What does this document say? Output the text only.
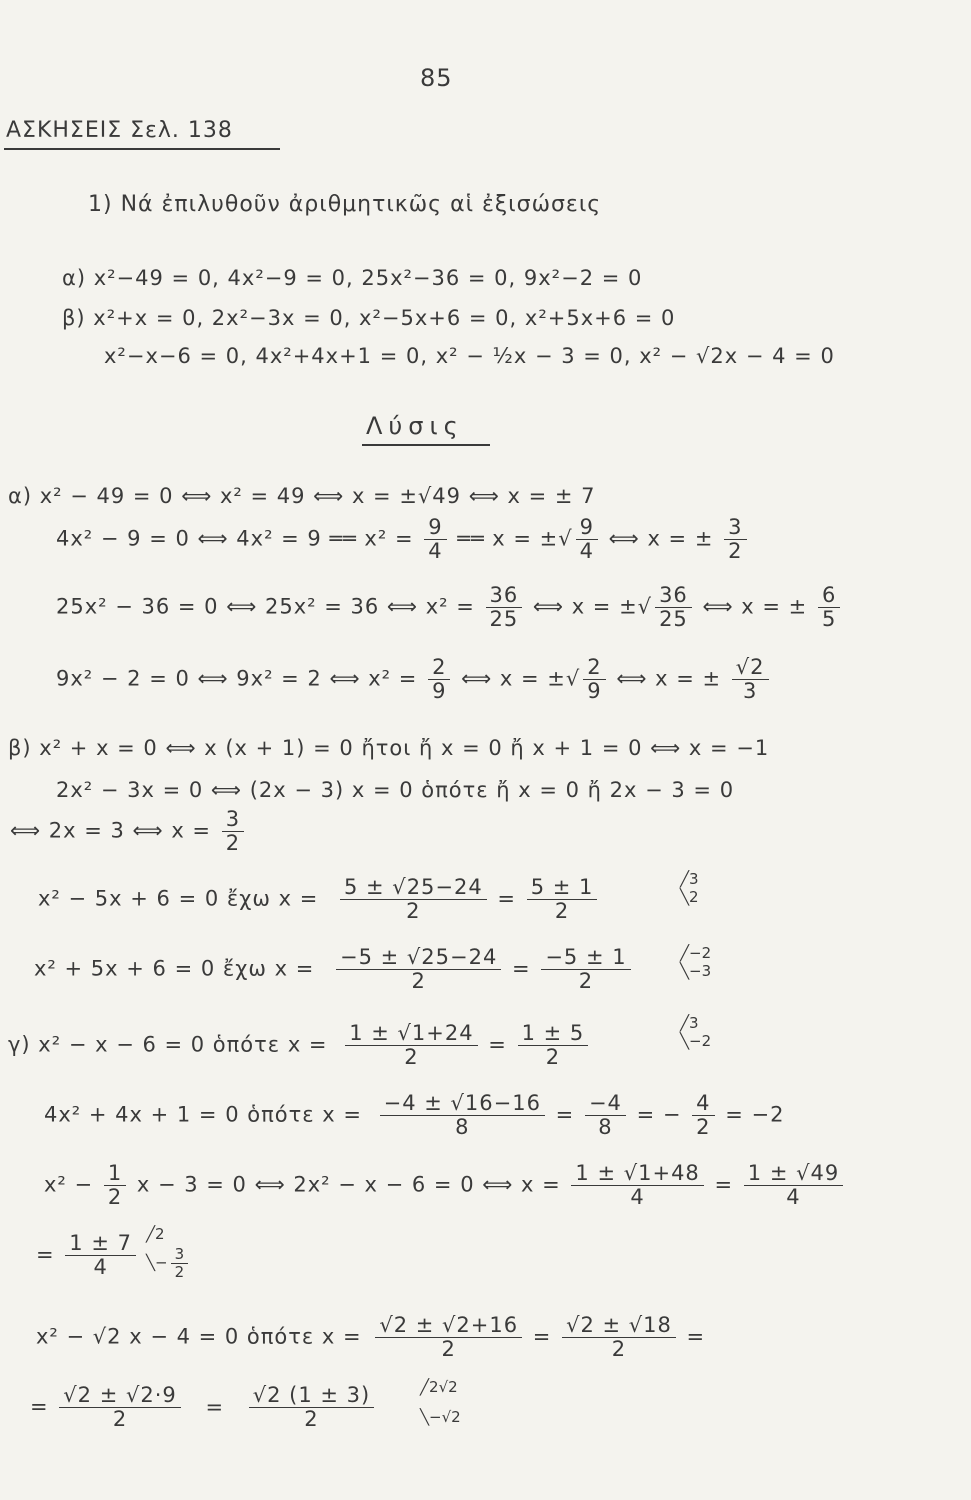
85
ΑΣΚΗΣΕΙΣ Σελ. 138
1) Νά ἐπιλυθοῦν ἀριθμητικῶς αἱ ἐξισώσεις
α) x²−49 = 0, 4x²−9 = 0, 25x²−36 = 0, 9x²−2 = 0
β) x²+x = 0, 2x²−3x = 0, x²−5x+6 = 0, x²+5x+6 = 0
x²−x−6 = 0, 4x²+4x+1 = 0, x² − ½x − 3 = 0, x² − √2x − 4 = 0
Λύσις
α) x² − 49 = 0 ⟺ x² = 49 ⟺ x = ±√49 ⟺ x = ± 7
4x² − 9 = 0 ⟺ 4x² = 9 ══ $x^2 = \frac{9}{4}$ ══ x = ±√ $\frac{9}{4}$ ⟺ x = ± $\frac{3}{2}$
25x² − 36 = 0 ⟺ 25x² = 36 ⟺ $x^2 = \frac{36}{25}$ ⟺ x = ±√ $\frac{36}{25}$ ⟺ x = ± $\frac{6}{5}$
9x² − 2 = 0 ⟺ 9x² = 2 ⟺ $x^2 = \frac{2}{9}$ ⟺ x = ±√ $\frac{2}{9}$ ⟺ x = ± $\frac{√2}{3}$
β) x² + x = 0 ⟺ x (x + 1) = 0 ἤτοι ἤ x = 0 ἤ x + 1 = 0 ⟺ x = −1
2x² − 3x = 0 ⟺ (2x − 3) x = 0 ὁπότε ἤ x = 0 ἤ 2x − 3 = 0
⟺ 2x = 3 ⟺ $x = \frac{3}{2}$
x² − 5x + 6 = 0 ἔχω $x = \frac{5 \pm √25-24}{2} = \frac{5 \pm 1}{2}$	╱3
╲2
x² + 5x + 6 = 0 ἔχω $x = \frac{-5 \pm √25-24}{2} = \frac{-5 \pm 1}{2}$	╱−2
╲−3
γ) x² − x − 6 = 0 ὁπότε $x = \frac{1 \pm √1+24}{2} = \frac{1 \pm 5}{2}$	╱3
╲−2
4x² + 4x + 1 = 0 ὁπότε $x = \frac{-4 \pm √16-16}{8} = \frac{-4}{8}$ = − $\frac{4}{2} = -2$
$x^2 - \frac{1}{2}$ x − 3 = 0 ⟺ 2x² − x − 6 = 0 ⟺ $x = \frac{1 \pm √1+48}{4} = \frac{1 \pm √49}{4}$
= $\frac{1 \pm 7}{4}$ ╱2
╲− $\frac{3}{2}$
x² − √2 x − 4 = 0 ὁπότε $x = \frac{√2 \pm √2+16}{2} = \frac{√2 \pm √18}{2}$ =
= $\frac{√2 \pm √2\cdot 9}{2} = \frac{√2 (1 \pm 3)}{2}$	╱2√2
╲−√2
